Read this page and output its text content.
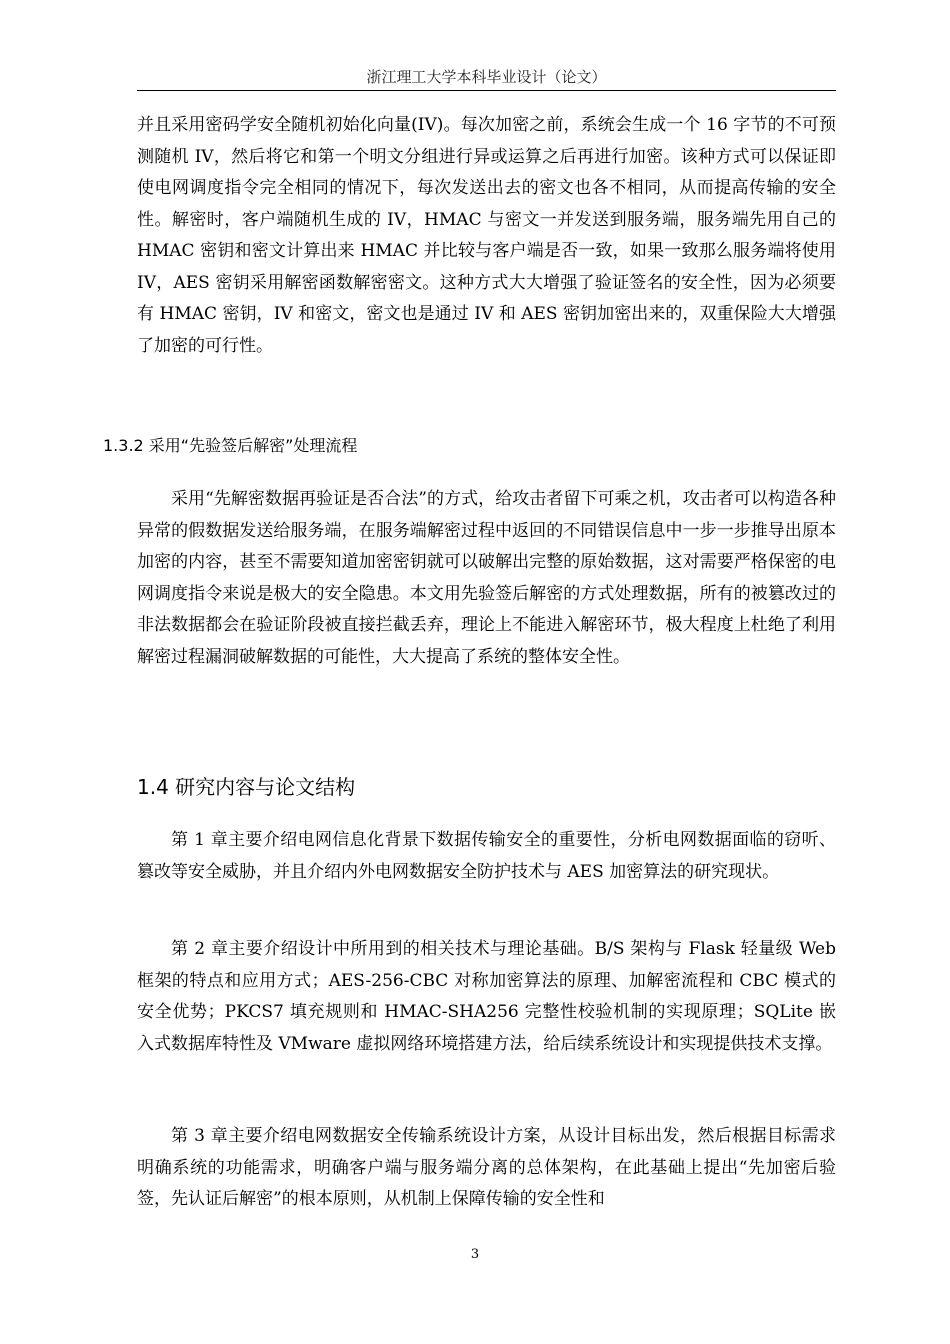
浙江理工大学本科毕业设计（论文）

并且采用密码学安全随机初始化向量(IV)。每次加密之前，系统会生成一个 16 字节的不可预测随机 IV，然后将它和第一个明文分组进行异或运算之后再进行加密。该种方式可以保证即使电网调度指令完全相同的情况下，每次发送出去的密文也各不相同，从而提高传输的安全性。解密时，客户端随机生成的 IV，HMAC 与密文一并发送到服务端，服务端先用自己的 HMAC 密钥和密文计算出来 HMAC 并比较与客户端是否一致，如果一致那么服务端将使用 IV，AES 密钥采用解密函数解密密文。这种方式大大增强了验证签名的安全性，因为必须要有 HMAC 密钥，IV 和密文，密文也是通过 IV 和 AES 密钥加密出来的，双重保险大大增强了加密的可行性。

1.3.2 采用“先验签后解密”处理流程

采用“先解密数据再验证是否合法”的方式，给攻击者留下可乘之机，攻击者可以构造各种异常的假数据发送给服务端，在服务端解密过程中返回的不同错误信息中一步一步推导出原本加密的内容，甚至不需要知道加密密钥就可以破解出完整的原始数据，这对需要严格保密的电网调度指令来说是极大的安全隐患。本文用先验签后解密的方式处理数据，所有的被篡改过的非法数据都会在验证阶段被直接拦截丢弃，理论上不能进入解密环节，极大程度上杜绝了利用解密过程漏洞破解数据的可能性，大大提高了系统的整体安全性。

1.4 研究内容与论文结构

第 1 章主要介绍电网信息化背景下数据传输安全的重要性，分析电网数据面临的窃听、篡改等安全威胁，并且介绍内外电网数据安全防护技术与 AES 加密算法的研究现状。

第 2 章主要介绍设计中所用到的相关技术与理论基础。B/S 架构与 Flask 轻量级 Web 框架的特点和应用方式；AES-256-CBC 对称加密算法的原理、加解密流程和 CBC 模式的安全优势；PKCS7 填充规则和 HMAC-SHA256 完整性校验机制的实现原理；SQLite 嵌入式数据库特性及 VMware 虚拟网络环境搭建方法，给后续系统设计和实现提供技术支撑。

第 3 章主要介绍电网数据安全传输系统设计方案，从设计目标出发，然后根据目标需求明确系统的功能需求，明确客户端与服务端分离的总体架构，在此基础上提出“先加密后验签，先认证后解密”的根本原则，从机制上保障传输的安全性和

3
